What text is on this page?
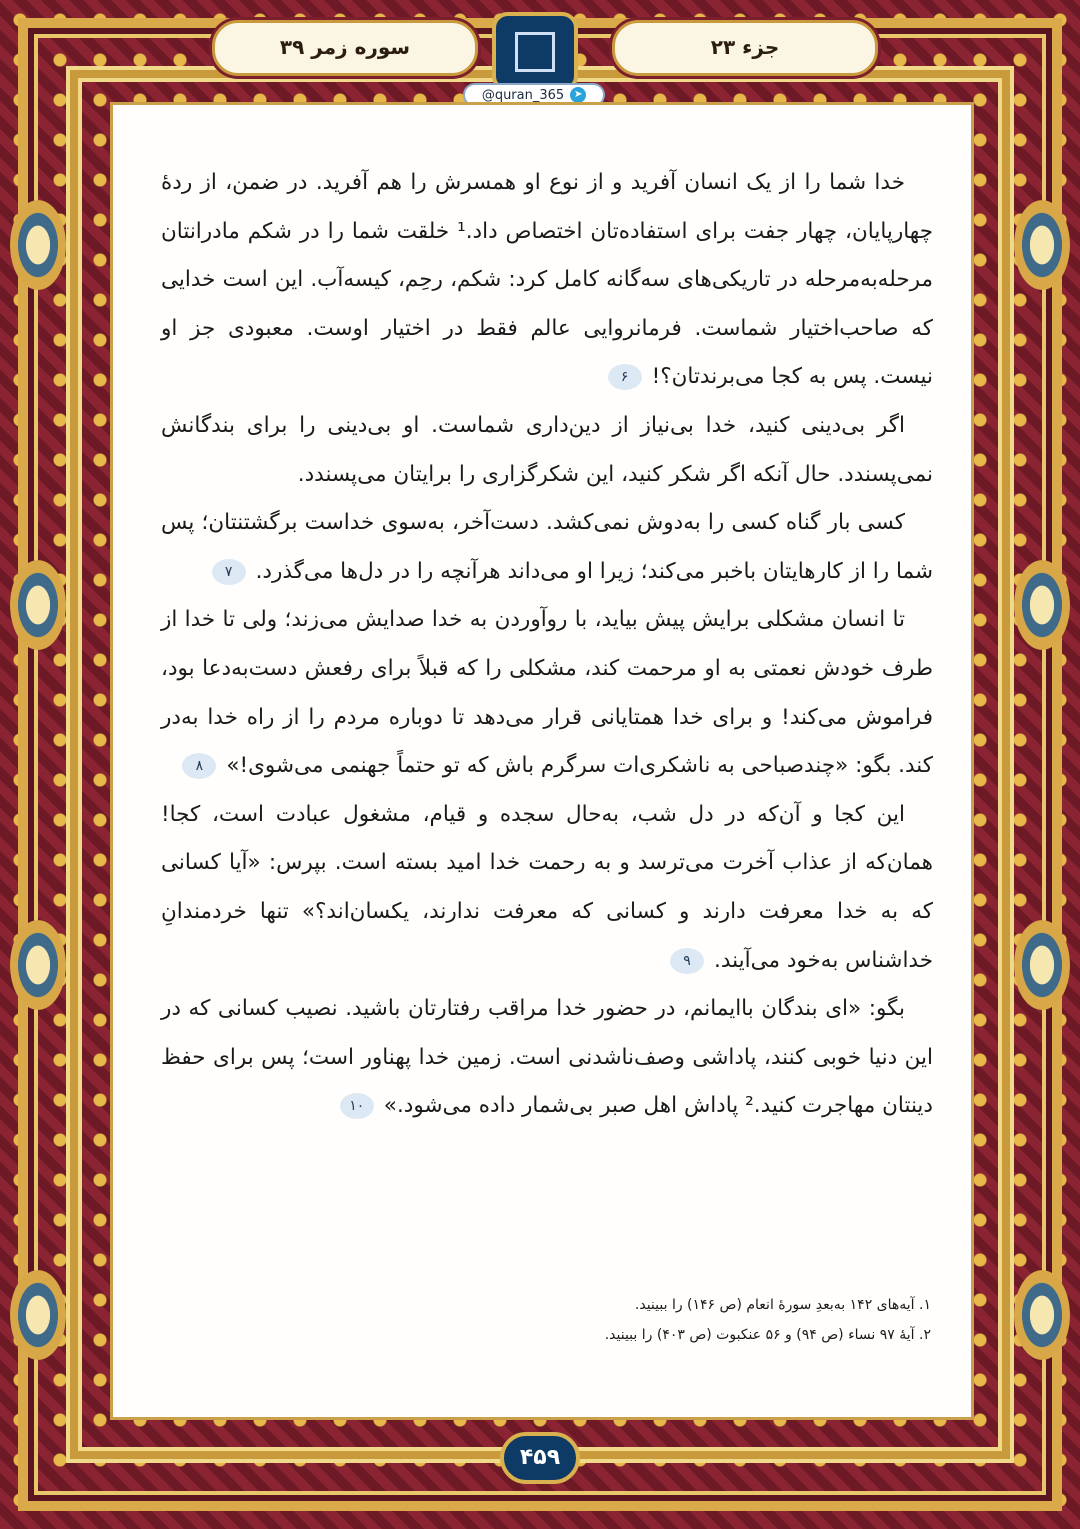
جزء ۲۳
سوره زمر ۳۹
@quran_365 ➤

خدا شما را از یک انسان آفرید و از نوع او همسرش را هم آفرید. در ضمن، از ردهٔ چهارپایان، چهار جفت برای استفاده‌تان اختصاص داد.¹ خلقت شما را در شکم مادرانتان مرحله‌به‌مرحله در تاریکی‌های سه‌گانه کامل کرد: شکم، رحِم، کیسه‌آب. این است خدایی که صاحب‌اختیار شماست. فرمانروایی عالم فقط در اختیار اوست. معبودی جز او نیست. پس به کجا می‌برندتان؟!۶

اگر بی‌دینی کنید، خدا بی‌نیاز از دین‌داری شماست. او بی‌دینی را برای بندگانش نمی‌پسندد. حال آنکه اگر شکر کنید، این شکرگزاری را برایتان می‌پسندد.

کسی بار گناه کسی را به‌دوش نمی‌کشد. دست‌آخر، به‌سوی خداست برگشتنتان؛ پس شما را از کارهایتان باخبر می‌کند؛ زیرا او می‌داند هرآنچه را در دل‌ها می‌گذرد.۷

تا انسان مشکلی برایش پیش بیاید، با روآوردن به خدا صدایش می‌زند؛ ولی تا خدا از طرف خودش نعمتی به او مرحمت کند، مشکلی را که قبلاً برای رفعش دست‌به‌دعا بود، فراموش می‌کند! و برای خدا همتایانی قرار می‌دهد تا دوباره مردم را از راه خدا به‌در کند. بگو: «چندصباحی به ناشکری‌ات سرگرم باش که تو حتماً جهنمی می‌شوی!»۸

این کجا و آن‌که در دل شب، به‌حال سجده و قیام، مشغول عبادت است، کجا! همان‌که از عذاب آخرت می‌ترسد و به رحمت خدا امید بسته است. بپرس: «آیا کسانی که به خدا معرفت دارند و کسانی که معرفت ندارند، یکسان‌اند؟» تنها خردمندانِ خداشناس به‌خود می‌آیند.۹

بگو: «ای بندگان باایمانم، در حضور خدا مراقب رفتارتان باشید. نصیب کسانی که در این دنیا خوبی کنند، پاداشی وصف‌ناشدنی است. زمین خدا پهناور است؛ پس برای حفظ دینتان مهاجرت کنید.² پاداش اهل صبر بی‌شمار داده می‌شود.»۱۰

۱. آیه‌های ۱۴۲ به‌بعدِ سورهٔ انعام (ص ۱۴۶) را ببینید.
۲. آیهٔ ۹۷ نساء (ص ۹۴) و ۵۶ عنکبوت (ص ۴۰۳) را ببینید.
۴۵۹
